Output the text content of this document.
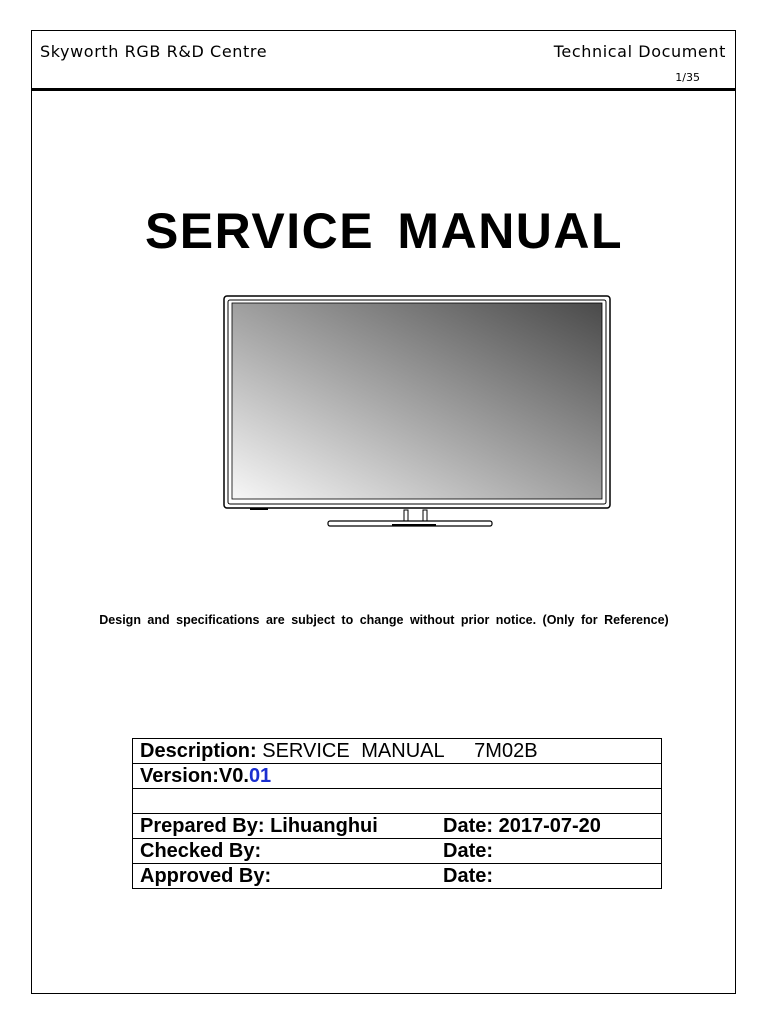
Skyworth RGB R&D Centre	Technical Document
1/35
SERVICE MANUAL
Design and specifications are subject to change without prior notice. (Only for Reference)
Description: SERVICE MANUAL 7M02B
Version:V0.01

Prepared By: Lihuanghui	Date: 2017-07-20
Checked By:	Date:
Approved By:	Date:
